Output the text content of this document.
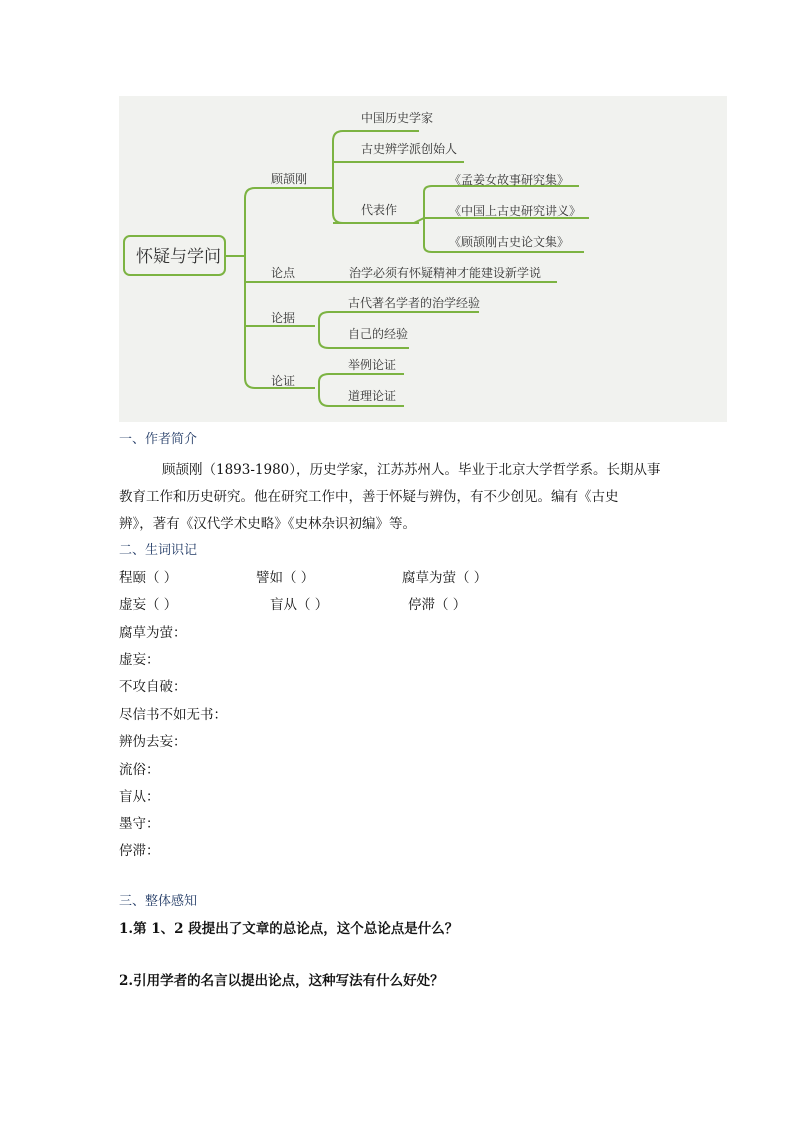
怀疑与学问
顾颉刚
中国历史学家
古史辨学派创始人
代表作
《孟姜女故事研究集》
《中国上古史研究讲义》
《顾颉刚古史论文集》
论点	治学必须有怀疑精神才能建设新学说
论据
古代著名学者的治学经验
自己的经验
论证
举例论证
道理论证
一、作者简介
顾颉刚（1893-1980），历史学家，江苏苏州人。毕业于北京大学哲学系。长期从事
教育工作和历史研究。他在研究工作中，善于怀疑与辨伪，有不少创见。编有《古史
辨》，著有《汉代学术史略》《史林杂识初编》等。
二、生词识记
程颐（ ）	譬如（ ）	腐草为萤（ ）
虚妄（ ）	盲从（ ）	停滞（ ）
腐草为萤：
虚妄：
不攻自破：
尽信书不如无书：
辨伪去妄：
流俗：
盲从：
墨守：
停滞：
三、整体感知
1.第 1、2 段提出了文章的总论点，这个总论点是什么？
2.引用学者的名言以提出论点，这种写法有什么好处？
